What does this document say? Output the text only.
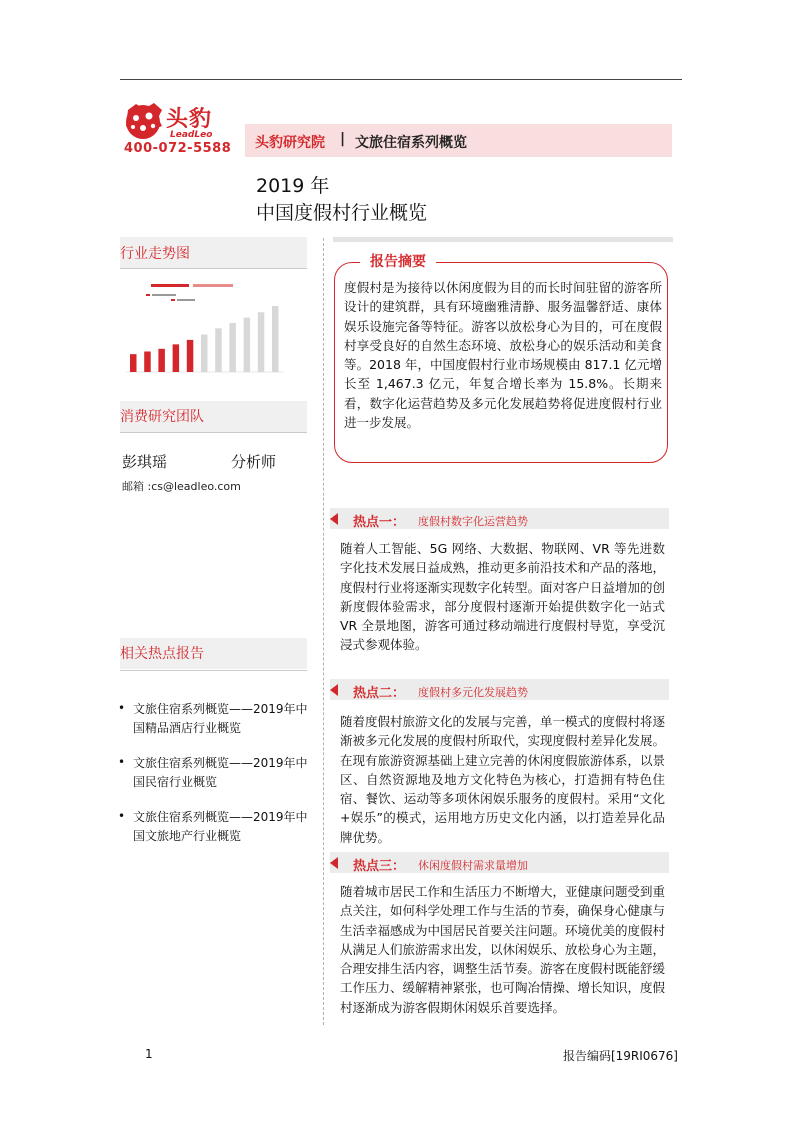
头豹
LeadLeo
400-072-5588 头豹研究院 | 文旅住宿系列概览
2019 年
中国度假村行业概览
行业走势图
消费研究团队
彭琪瑶	分析师
邮箱 :cs@leadleo.com
相关热点报告
• 文旅住宿系列概览——2019年中国精品酒店行业概览
• 文旅住宿系列概览——2019年中国民宿行业概览
• 文旅住宿系列概览——2019年中国文旅地产行业概览
报告摘要
度假村是为接待以休闲度假为目的而长时间驻留的游客所设计的建筑群，具有环境幽雅清静、服务温馨舒适、康体娱乐设施完备等特征。游客以放松身心为目的，可在度假村享受良好的自然生态环境、放松身心的娱乐活动和美食等。2018 年，中国度假村行业市场规模由 817.1 亿元增长至 1,467.3 亿元，年复合增长率为 15.8%。长期来看，数字化运营趋势及多元化发展趋势将促进度假村行业进一步发展。
热点一： 度假村数字化运营趋势
随着人工智能、5G 网络、大数据、物联网、VR 等先进数字化技术发展日益成熟，推动更多前沿技术和产品的落地，度假村行业将逐渐实现数字化转型。面对客户日益增加的创新度假体验需求，部分度假村逐渐开始提供数字化一站式 VR 全景地图，游客可通过移动端进行度假村导览，享受沉浸式参观体验。
热点二： 度假村多元化发展趋势
随着度假村旅游文化的发展与完善，单一模式的度假村将逐渐被多元化发展的度假村所取代，实现度假村差异化发展。在现有旅游资源基础上建立完善的休闲度假旅游体系，以景区、自然资源地及地方文化特色为核心，打造拥有特色住宿、餐饮、运动等多项休闲娱乐服务的度假村。采用“文化+娱乐”的模式，运用地方历史文化内涵，以打造差异化品牌优势。
热点三： 休闲度假村需求量增加
随着城市居民工作和生活压力不断增大，亚健康问题受到重点关注，如何科学处理工作与生活的节奏，确保身心健康与生活幸福感成为中国居民首要关注问题。环境优美的度假村从满足人们旅游需求出发，以休闲娱乐、放松身心为主题，合理安排生活内容，调整生活节奏。游客在度假村既能舒缓工作压力、缓解精神紧张，也可陶冶情操、增长知识，度假村逐渐成为游客假期休闲娱乐首要选择。
1	报告编码[19RI0676]
